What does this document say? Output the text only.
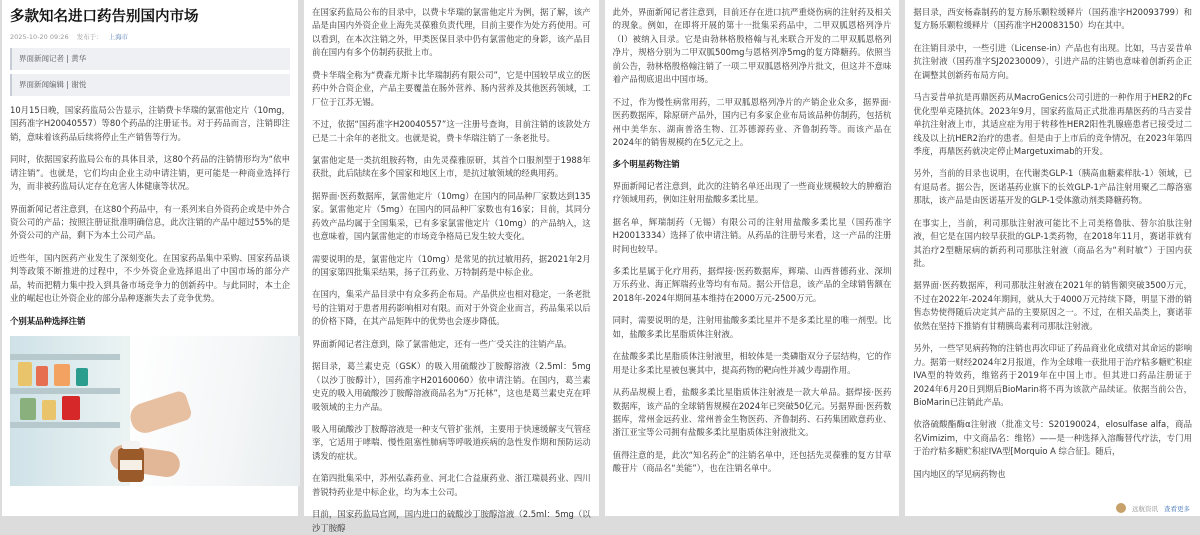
多款知名进口药告别国内市场
2025-10-20 09:26 发布于： 上海市
界面新闻记者 | 黄华
界面新闻编辑 | 谢悦

10月15日晚，国家药监局公告显示，注销费卡华瑞的氯雷他定片（10mg，国药准字H20040557）等80个药品的注册证书。对于药品而言，注销即注销，意味着该药品后续将停止生产销售等行为。

同时，依据国家药监局公布的具体目录，这80个药品的注销情形均为“依申请注销”。也就是，它们均由企业主动申请注销，更可能是一种商业选择行为，而非被药监局认定存在危害人体健康等状况。

界面新闻记者注意到，在这80个药品中，有一系列来自外资药企或是中外合资公司的产品；按照注册证批准明确信息，此次注销的产品中超过55%的是外资公司的产品，剩下为本土公司产品。

近些年，国内医药产业发生了深刻变化。在国家药品集中采购、国家药品谈判等政策不断推进的过程中，不少外资企业选择退出了中国市场的部分产品，转而把精力集中投入到具备市场竞争力的创新药中。与此同时，本土企业的崛起也让外资企业的部分品种逐渐失去了竞争优势。

个别某品种选择注销

在国家药监局公布的目录中，以费卡华瑞的氯雷他定片为例，据了解，该产品是由国内外资企业上海先灵葆雅负责代理，目前主要作为处方药使用。可以看到，在本次注销之外，甲类医保目录中仍有氯雷他定的身影，该产品目前在国内有多个仿制药获批上市。

费卡华瑞全称为“费森尤斯卡比华瑞制药有限公司”，它是中国较早成立的医药中外合资企业，产品主要覆盖在肠外营养、肠内营养及其他医药领域，工厂位于江苏无锡。

不过，依据“国药准字H20040557”这一注册号查询，目前注销的该款处方已是二十余年的老批文。也就是说，费卡华瑞注销了一条老批号。

氯雷他定是一类抗组胺药物，由先灵葆雅原研，其首个口服剂型于1988年获批，此后陆续在多个国家和地区上市，是抗过敏领域的经典用药。

据界面·医药数据库，氯雷他定片（10mg）在国内的同品种厂家数达到135家。氯雷他定片（5mg）在国内的同品种厂家数也有16家；目前，其同分药效产品均属于全国集采，已有多家氯雷他定片（10mg）的产品纳入，这也意味着，国内氯雷他定的市场竞争格局已发生较大变化。

需要说明的是，氯雷他定片（10mg）是常见的抗过敏用药，据2021年2月的国家第四批集采结果，扬子江药业、万特制药是中标企业。

在国内，集采产品目录中有众多药企布局。产品供应也相对稳定，一条老批号的注销对于患者用药影响相对有限。而对于外资企业而言，药品集采以后的价格下降，在其产品矩阵中的优势也会逐步降低。

界面新闻记者注意到，除了氯雷他定，还有一些广受关注的注销产品。

据目录，葛兰素史克（GSK）的吸入用硫酸沙丁胺醇溶液（2.5ml：5mg（以沙丁胺醇计），国药准字H20160060）依申请注销。在国内，葛兰素史克的吸入用硫酸沙丁胺醇溶液商品名为“万托林”，这也是葛兰素史克在呼吸领域的主力产品。

吸入用硫酸沙丁胺醇溶液是一种支气管扩张剂，主要用于快速缓解支气管痉挛，它适用于哮喘、慢性阻塞性肺病等呼吸道疾病的急性发作期和预防运动诱发的症状。

在第四批集采中，苏州弘森药业、河北仁合益康药业、浙江瑞晨药业、四川普锐特药业是中标企业，均为本土公司。

目前，国家药监局官网，国内进口的硫酸沙丁胺醇溶液（2.5ml：5mg（以沙丁胺醇

此外，界面新闻记者注意到，目前还存在进口抗严重烧伤病的注射药及相关的现象。例如，在即将开展的第十一批集采药品中，二甲双胍恩格列净片（I）被纳入目录。它是由勃林格殷格翰与礼来联合开发的二甲双胍恩格列净片，规格分别为二甲双胍500mg与恩格列净5mg的复方降糖药。依照当前公告，勃林格殷格翰注销了一项二甲双胍恩格列净片批文，但这并不意味着产品彻底退出中国市场。

不过，作为慢性病常用药，二甲双胍恩格列净片的产销企业众多，据界面·医药数据库，除原研产品外，国内已有多家企业布局该品种仿制药，包括杭州中美华东、湖南普洛生物、江苏德源药业、齐鲁制药等。而该产品在2024年的销售规模约在5亿元之上。

多个明星药物注销

界面新闻记者注意到，此次的注销名单还出现了一些商业规模较大的肿瘤治疗领域用药，例如注射用盐酸多柔比星。

据名单，辉瑞制药（无锡）有限公司的注射用盐酸多柔比星（国药准字H20013334）选择了依申请注销。从药品的注册号来看，这一产品的注册时间也较早。

多柔比星属于化疗用药，据焊接·医药数据库，辉瑞、山西普德药业、深圳万乐药业、海正辉瑞药业等均有布局。据公开信息，该产品的全球销售额在2018年-2024年期间基本维持在2000万元-2500万元。

同时，需要说明的是，注射用盐酸多柔比星并不是多柔比星的唯一剂型。比如，盐酸多柔比星脂质体注射液。

在盐酸多柔比星脂质体注射液里，相较体是一类磷脂双分子层结构，它的作用是让多柔比星被包裹其中，提高药物的靶向性并减少毒副作用。

从药品规模上看，盐酸多柔比星脂质体注射液是一款大单品。据焊接·医药数据库，该产品的全球销售规模在2024年已突破50亿元。另据界面·医药数据库，常州金远药业、常州普金生物医药、齐鲁制药、石药集团欧意药业、浙江亚宝等公司拥有盐酸多柔比星脂质体注射液批文。

值得注意的是，此次“知名药企”的注销名单中，还包括先灵葆雅的复方甘草酸苷片（商品名“美能”），也在注销名单中。

据目录，西安杨森制药的复方肠乐颗粒缓释片（国药准字H20093799）和复方肠乐颗粒缓释片（国药准字H20083150）均在其中。

在注销目录中，一些引进（License-in）产品也有出现。比如，马吉妥昔单抗注射液（国药准字SJ20230009），引进产品的注销也意味着创新药企正在调整其创新药布局方向。

马吉妥昔单抗是再鼎医药从MacroGenics公司引进的一种作用于HER2的Fc优化型单克隆抗体。2023年9月，国家药监局正式批准再鼎医药的马吉妥昔单抗注射液上市，其适应症为用于转移性HER2阳性乳腺癌患者已接受过二线及以上抗HER2治疗的患者。但是由于上市后的竞争情况，在2023年第四季度，再鼎医药就决定停止Margetuximab的开发。

另外，当前的目录也说明，在代谢类GLP-1（胰高血糖素样肽-1）领域，已有退局者。据公告，医诺基药业旗下的长效GLP-1产品注射用聚乙二醇洛塞那肽，该产品是由医诺基开发的GLP-1受体激动剂类降糖药物。

在事实上，当前，利司那肽注射液可能比不上司美格鲁肽、替尔泊肽注射液，但它是在国内较早获批的GLP-1类药物，在2018年11月，赛诺菲就有其治疗2型糖尿病的新药利司那肽注射液（商品名为“利时敏”）于国内获批。

据界面·医药数据库，利司那肽注射液在2021年的销售额突破3500万元，不过在2022年-2024年期间，就从大于4000万元持续下降，明显下滑的销售态势使得随后决定其产品的主要原因之一。不过，在相关品类上，赛诺菲依然在坚持下推销有甘精胰岛素利司那肽注射液。

另外，一些罕见病药物的注销也再次印证了药品商业化成绩对其命运的影响力。据第一财经2024年2月报道，作为全球唯一获批用于治疗粘多糖贮积症IVA型的特效药，维铭药于2019年在中国上市。但其进口药品注册证于2024年6月20日到期后BioMarin将不再为该款产品续证。依据当前公告，BioMarin已注销此产品。

依洛硫酸酯酶α注射液（批准文号：S20190024，elosulfase alfa，商品名Vimizim，中文商品名：维铭）——是一种选择入溶酶替代疗法，专门用于治疗粘多糖贮积症IVA型[Morquio A 综合征]。随后，

国内地区的罕见病药物也

远航资讯 查看更多
